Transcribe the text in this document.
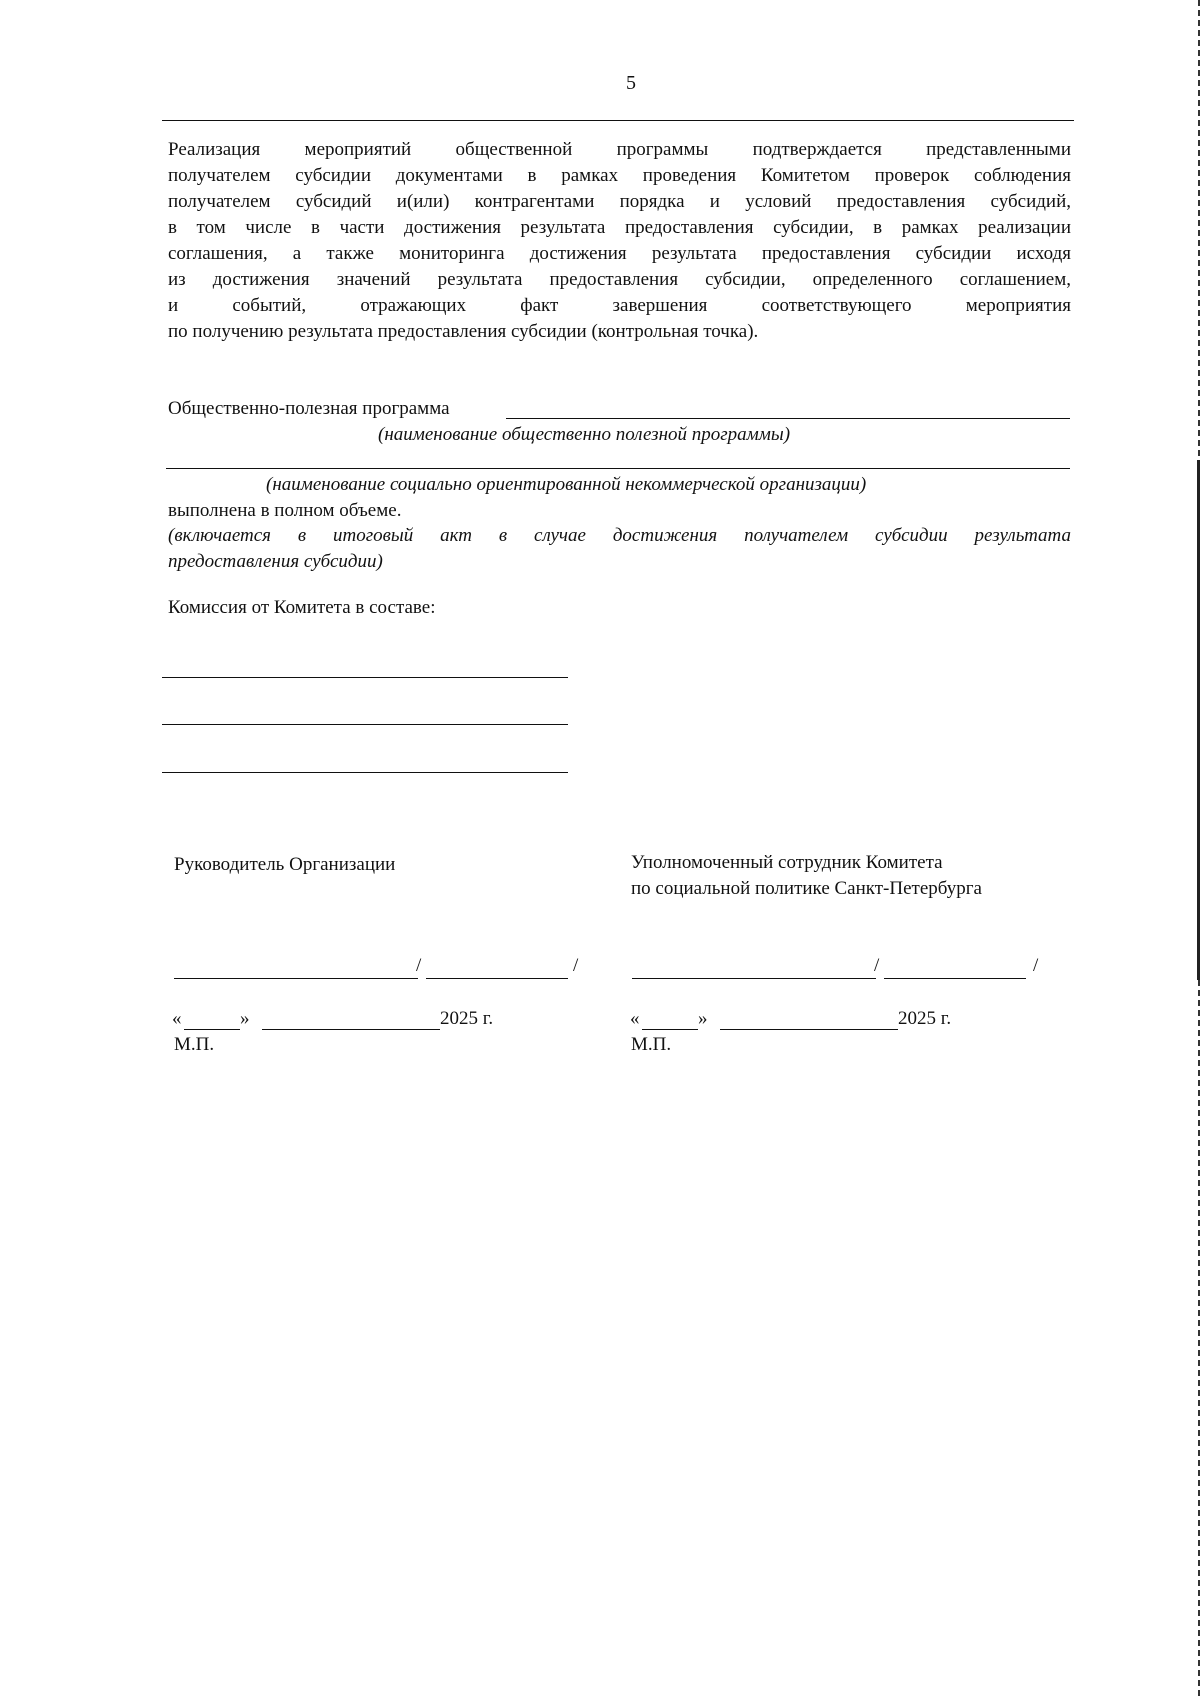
5
Реализация мероприятий общественной программы подтверждается представленными
получателем субсидии документами в рамках проведения Комитетом проверок соблюдения
получателем субсидий и(или) контрагентами порядка и условий предоставления субсидий,
в том числе в части достижения результата предоставления субсидии, в рамках реализации
соглашения, а также мониторинга достижения результата предоставления субсидии исходя
из достижения значений результата предоставления субсидии, определенного соглашением,
и событий, отражающих факт завершения соответствующего мероприятия
по получению результата предоставления субсидии (контрольная точка).
Общественно-полезная программа
(наименование общественно полезной программы)
(наименование социально ориентированной некоммерческой организации)
выполнена в полном объеме.
(включается в итоговый акт в случае достижения получателем субсидии результата
предоставления субсидии)
Комиссия от Комитета в составе:
Руководитель Организации
/	/
«	»	2025 г.
М.П.
Уполномоченный сотрудник Комитета
по социальной политике Санкт-Петербурга
/	/
«	»	2025 г.
М.П.
